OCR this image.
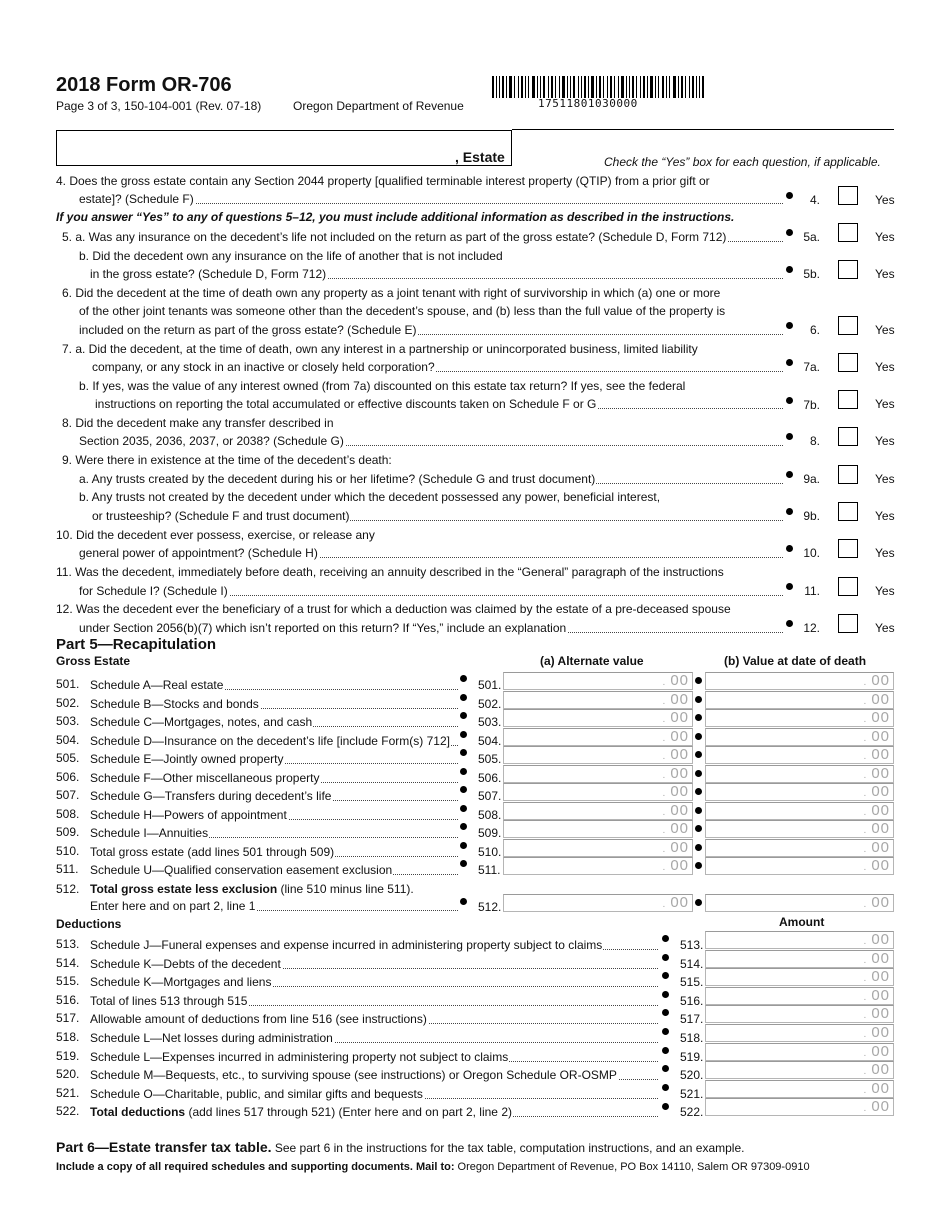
2018 Form OR-706
Page 3 of 3, 150-104-001 (Rev. 07-18)	Oregon Department of Revenue	17511801030000
, Estate	Check the “Yes” box for each question, if applicable.
4. Does the gross estate contain any Section 2044 property [qualified terminable interest property (QTIP) from a prior gift or
estate]? (Schedule F)	4.	Yes
If you answer “Yes” to any of questions 5–12, you must include additional information as described in the instructions.
5. a. Was any insurance on the decedent’s life not included on the return as part of the gross estate? (Schedule D, Form 712)	5a.	Yes
b. Did the decedent own any insurance on the life of another that is not included
in the gross estate? (Schedule D, Form 712)	5b.	Yes
6. Did the decedent at the time of death own any property as a joint tenant with right of survivorship in which (a) one or more
of the other joint tenants was someone other than the decedent’s spouse, and (b) less than the full value of the property is
included on the return as part of the gross estate? (Schedule E)	6.	Yes
7. a. Did the decedent, at the time of death, own any interest in a partnership or unincorporated business, limited liability
company, or any stock in an inactive or closely held corporation?	7a.	Yes
b. If yes, was the value of any interest owned (from 7a) discounted on this estate tax return? If yes, see the federal
instructions on reporting the total accumulated or effective discounts taken on Schedule F or G	7b.	Yes
8. Did the decedent make any transfer described in
Section 2035, 2036, 2037, or 2038? (Schedule G)	8.	Yes
9. Were there in existence at the time of the decedent’s death:
a. Any trusts created by the decedent during his or her lifetime? (Schedule G and trust document)	9a.	Yes
b. Any trusts not created by the decedent under which the decedent possessed any power, beneficial interest,
or trusteeship? (Schedule F and trust document)	9b.	Yes
10. Did the decedent ever possess, exercise, or release any
general power of appointment? (Schedule H)	10.	Yes
11. Was the decedent, immediately before death, receiving an annuity described in the “General” paragraph of the instructions
for Schedule I? (Schedule I)	11.	Yes
12. Was the decedent ever the beneficiary of a trust for which a deduction was claimed by the estate of a pre-deceased spouse
under Section 2056(b)(7) which isn’t reported on this return? If “Yes,” include an explanation	12.	Yes
Part 5—Recapitulation
Gross Estate	(a) Alternate value	(b) Value at date of death
501. Schedule A—Real estate	501.	. 00	. 00
502. Schedule B—Stocks and bonds	502.	. 00	. 00
503. Schedule C—Mortgages, notes, and cash	503.	. 00	. 00
504. Schedule D—Insurance on the decedent’s life [include Form(s) 712]	504.	. 00	. 00
505. Schedule E—Jointly owned property	505.	. 00	. 00
506. Schedule F—Other miscellaneous property	506.	. 00	. 00
507. Schedule G—Transfers during decedent’s life	507.	. 00	. 00
508. Schedule H—Powers of appointment	508.	. 00	. 00
509. Schedule I—Annuities	509.	. 00	. 00
510. Total gross estate (add lines 501 through 509)	510.	. 00	. 00
511. Schedule U—Qualified conservation easement exclusion	511.	. 00	. 00
512. Total gross estate less exclusion (line 510 minus line 511).
Enter here and on part 2, line 1	512.	. 00	. 00
Deductions	Amount
513. Schedule J—Funeral expenses and expense incurred in administering property subject to claims	513.	. 00
514. Schedule K—Debts of the decedent	514.	. 00
515. Schedule K—Mortgages and liens	515.	. 00
516. Total of lines 513 through 515	516.	. 00
517. Allowable amount of deductions from line 516 (see instructions)	517.	. 00
518. Schedule L—Net losses during administration	518.	. 00
519. Schedule L—Expenses incurred in administering property not subject to claims	519.	. 00
520. Schedule M—Bequests, etc., to surviving spouse (see instructions) or Oregon Schedule OR-OSMP	520.	. 00
521. Schedule O—Charitable, public, and similar gifts and bequests	521.	. 00
522. Total deductions (add lines 517 through 521) (Enter here and on part 2, line 2)	522.	. 00
Part 6—Estate transfer tax table. See part 6 in the instructions for the tax table, computation instructions, and an example.
Include a copy of all required schedules and supporting documents. Mail to: Oregon Department of Revenue, PO Box 14110, Salem OR 97309-0910
